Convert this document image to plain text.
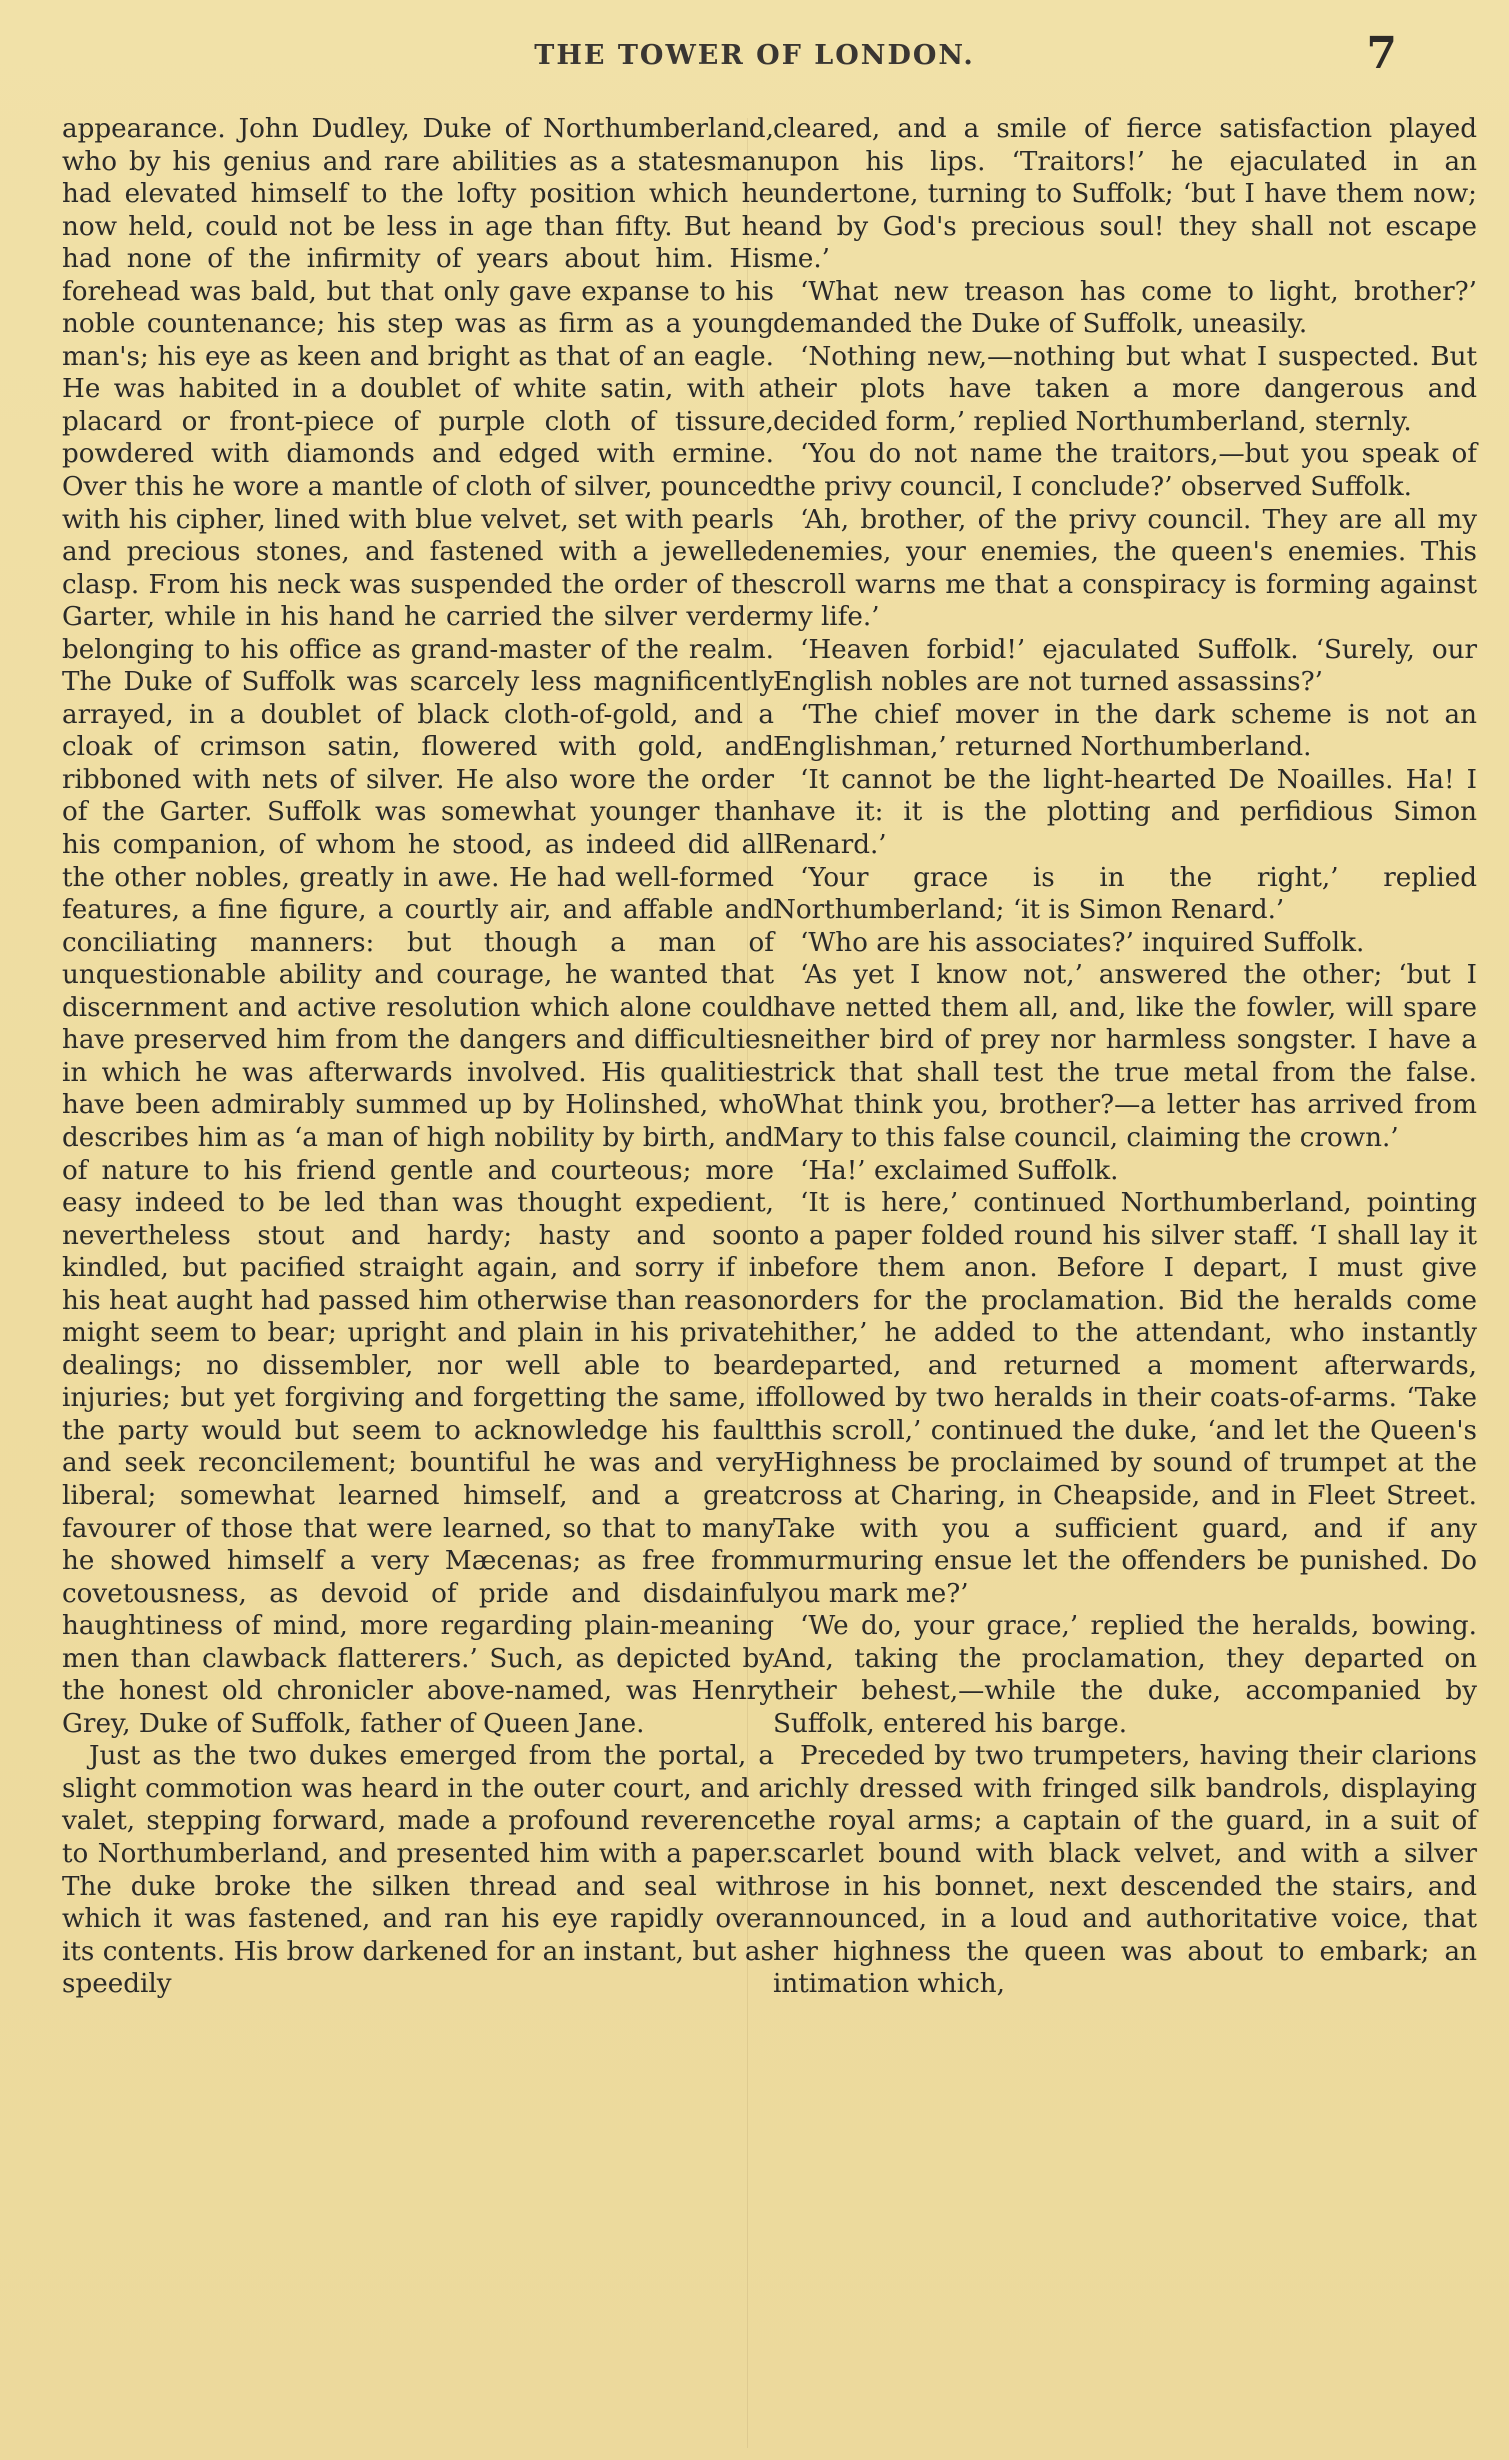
THE TOWER OF LONDON.	7

appearance. John Dudley, Duke of Northumberland, who by his genius and rare abilities as a statesman had elevated himself to the lofty position which he now held, could not be less in age than fifty. But he had none of the infirmity of years about him. His forehead was bald, but that only gave expanse to his noble countenance; his step was as firm as a young man's; his eye as keen and bright as that of an eagle. He was habited in a doublet of white satin, with a placard or front-piece of purple cloth of tissure, powdered with diamonds and edged with ermine. Over this he wore a mantle of cloth of silver, pounced with his cipher, lined with blue velvet, set with pearls and precious stones, and fastened with a jewelled clasp. From his neck was suspended the order of the Garter, while in his hand he carried the silver verder belonging to his office as grand-master of the realm. The Duke of Suffolk was scarcely less magnificently arrayed, in a doublet of black cloth-of-gold, and a cloak of crimson satin, flowered with gold, and ribboned with nets of silver. He also wore the order of the Garter. Suffolk was somewhat younger than his companion, of whom he stood, as indeed did all the other nobles, greatly in awe. He had well-formed features, a fine figure, a courtly air, and affable and conciliating manners: but though a man of unquestionable ability and courage, he wanted that discernment and active resolution which alone could have preserved him from the dangers and difficulties in which he was afterwards involved. His qualities have been admirably summed up by Holinshed, who describes him as ‘a man of high nobility by birth, and of nature to his friend gentle and courteous; more easy indeed to be led than was thought expedient, nevertheless stout and hardy; hasty and soon kindled, but pacified straight again, and sorry if in his heat aught had passed him otherwise than reason might seem to bear; upright and plain in his private dealings; no dissembler, nor well able to bear injuries; but yet forgiving and forgetting the same, if the party would but seem to acknowledge his fault and seek reconcilement; bountiful he was and very liberal; somewhat learned himself, and a great favourer of those that were learned, so that to many he showed himself a very Mæcenas; as free from covetousness, as devoid of pride and disdainful haughtiness of mind, more regarding plain-meaning men than clawback flatterers.’ Such, as depicted by the honest old chronicler above-named, was Henry Grey, Duke of Suffolk, father of Queen Jane.

Just as the two dukes emerged from the portal, a slight commotion was heard in the outer court, and a valet, stepping forward, made a profound reverence to Northumberland, and presented him with a paper. The duke broke the silken thread and seal with which it was fastened, and ran his eye rapidly over its contents. His brow darkened for an instant, but as speedily

cleared, and a smile of fierce satisfaction played upon his lips. ‘Traitors!’ he ejaculated in an undertone, turning to Suffolk; ‘but I have them now; and by God's precious soul! they shall not escape me.’

‘What new treason has come to light, brother?’ demanded the Duke of Suffolk, uneasily.

‘Nothing new,—nothing but what I suspected. But their plots have taken a more dangerous and decided form,’ replied Northumberland, sternly.

‘You do not name the traitors,—but you speak of the privy council, I conclude?’ observed Suffolk.

‘Ah, brother, of the privy council. They are all my enemies, your enemies, the queen's enemies. This scroll warns me that a conspiracy is forming against my life.’

‘Heaven forbid!’ ejaculated Suffolk. ‘Surely, our English nobles are not turned assassins?’

‘The chief mover in the dark scheme is not an Englishman,’ returned Northumberland.

‘It cannot be the light-hearted De Noailles. Ha! I have it: it is the plotting and perfidious Simon Renard.’

‘Your grace is in the right,’ replied Northumberland; ‘it is Simon Renard.’

‘Who are his associates?’ inquired Suffolk.

‘As yet I know not,’ answered the other; ‘but I have netted them all, and, like the fowler, will spare neither bird of prey nor harmless songster. I have a trick that shall test the true metal from the false. What think you, brother?—a letter has arrived from Mary to this false council, claiming the crown.’

‘Ha!’ exclaimed Suffolk.

‘It is here,’ continued Northumberland, pointing to a paper folded round his silver staff. ‘I shall lay it before them anon. Before I depart, I must give orders for the proclamation. Bid the heralds come hither,’ he added to the attendant, who instantly departed, and returned a moment afterwards, followed by two heralds in their coats-of-arms. ‘Take this scroll,’ continued the duke, ‘and let the Queen's Highness be proclaimed by sound of trumpet at the cross at Charing, in Cheapside, and in Fleet Street. Take with you a sufficient guard, and if any murmuring ensue let the offenders be punished. Do you mark me?’

‘We do, your grace,’ replied the heralds, bowing. And, taking the proclamation, they departed on their behest,—while the duke, accompanied by Suffolk, entered his barge.

Preceded by two trumpeters, having their clarions richly dressed with fringed silk bandrols, displaying the royal arms; a captain of the guard, in a suit of scarlet bound with black velvet, and with a silver rose in his bonnet, next descended the stairs, and announced, in a loud and authoritative voice, that her highness the queen was about to embark; an intimation which,
